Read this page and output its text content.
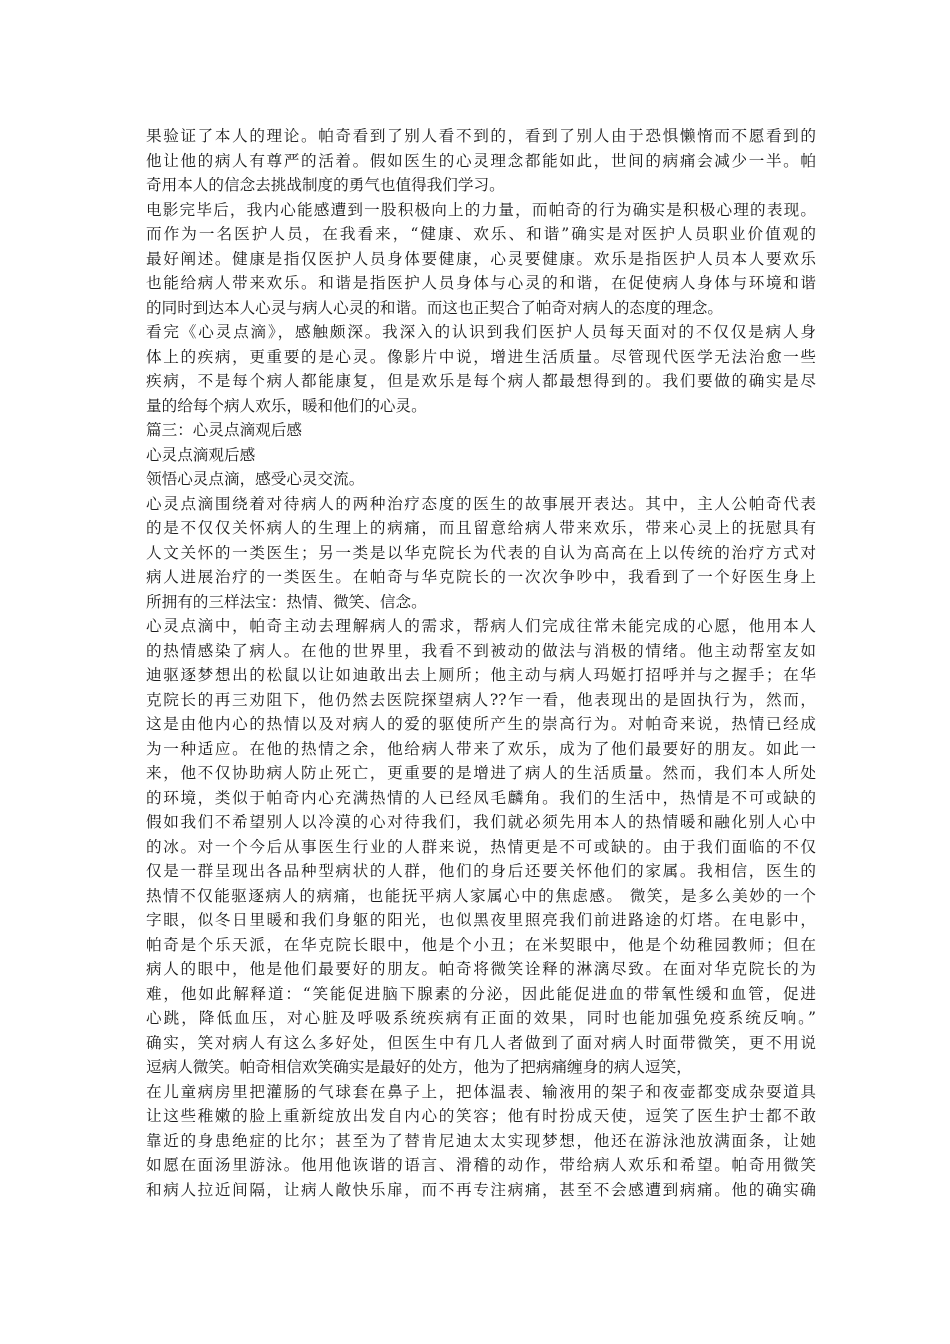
果验证了本人的理论。帕奇看到了别人看不到的，看到了别人由于恐惧懒惰而不愿看到的
他让他的病人有尊严的活着。假如医生的心灵理念都能如此，世间的病痛会减少一半。帕
奇用本人的信念去挑战制度的勇气也值得我们学习。
电影完毕后，我内心能感遭到一股积极向上的力量，而帕奇的行为确实是积极心理的表现。
而作为一名医护人员，在我看来，“健康、欢乐、和谐”确实是对医护人员职业价值观的
最好阐述。健康是指仅医护人员身体要健康，心灵要健康。欢乐是指医护人员本人要欢乐
也能给病人带来欢乐。和谐是指医护人员身体与心灵的和谐，在促使病人身体与环境和谐
的同时到达本人心灵与病人心灵的和谐。而这也正契合了帕奇对病人的态度的理念。
看完《心灵点滴》，感触颇深。我深入的认识到我们医护人员每天面对的不仅仅是病人身
体上的疾病，更重要的是心灵。像影片中说，增进生活质量。尽管现代医学无法治愈一些
疾病，不是每个病人都能康复，但是欢乐是每个病人都最想得到的。我们要做的确实是尽
量的给每个病人欢乐，暖和他们的心灵。
篇三：心灵点滴观后感
心灵点滴观后感
领悟心灵点滴，感受心灵交流。
心灵点滴围绕着对待病人的两种治疗态度的医生的故事展开表达。其中，主人公帕奇代表
的是不仅仅关怀病人的生理上的病痛，而且留意给病人带来欢乐，带来心灵上的抚慰具有
人文关怀的一类医生；另一类是以华克院长为代表的自认为高高在上以传统的治疗方式对
病人进展治疗的一类医生。在帕奇与华克院长的一次次争吵中，我看到了一个好医生身上
所拥有的三样法宝：热情、微笑、信念。
心灵点滴中，帕奇主动去理解病人的需求，帮病人们完成往常未能完成的心愿，他用本人
的热情感染了病人。在他的世界里，我看不到被动的做法与消极的情绪。他主动帮室友如
迪驱逐梦想出的松鼠以让如迪敢出去上厕所；他主动与病人玛姬打招呼并与之握手；在华
克院长的再三劝阻下，他仍然去医院探望病人??乍一看，他表现出的是固执行为，然而，
这是由他内心的热情以及对病人的爱的驱使所产生的崇高行为。对帕奇来说，热情已经成
为一种适应。在他的热情之余，他给病人带来了欢乐，成为了他们最要好的朋友。如此一
来，他不仅协助病人防止死亡，更重要的是增进了病人的生活质量。然而，我们本人所处
的环境，类似于帕奇内心充满热情的人已经凤毛麟角。我们的生活中，热情是不可或缺的
假如我们不希望别人以冷漠的心对待我们，我们就必须先用本人的热情暖和融化别人心中
的冰。对一个今后从事医生行业的人群来说，热情更是不可或缺的。由于我们面临的不仅
仅是一群呈现出各品种型病状的人群，他们的身后还要关怀他们的家属。我相信，医生的
热情不仅能驱逐病人的病痛，也能抚平病人家属心中的焦虑感。 微笑，是多么美妙的一个
字眼，似冬日里暖和我们身躯的阳光，也似黑夜里照亮我们前进路途的灯塔。在电影中，
帕奇是个乐天派，在华克院长眼中，他是个小丑；在米契眼中，他是个幼稚园教师；但在
病人的眼中，他是他们最要好的朋友。帕奇将微笑诠释的淋漓尽致。在面对华克院长的为
难，他如此解释道：“笑能促进脑下腺素的分泌，因此能促进血的带氧性缓和血管，促进
心跳，降低血压，对心脏及呼吸系统疾病有正面的效果，同时也能加强免疫系统反响。”
确实，笑对病人有这么多好处，但医生中有几人者做到了面对病人时面带微笑，更不用说
逗病人微笑。帕奇相信欢笑确实是最好的处方，他为了把病痛缠身的病人逗笑，
在儿童病房里把灌肠的气球套在鼻子上，把体温表、输液用的架子和夜壶都变成杂耍道具
让这些稚嫩的脸上重新绽放出发自内心的笑容；他有时扮成天使，逗笑了医生护士都不敢
靠近的身患绝症的比尔；甚至为了替肯尼迪太太实现梦想，他还在游泳池放满面条，让她
如愿在面汤里游泳。他用他诙谐的语言、滑稽的动作，带给病人欢乐和希望。帕奇用微笑
和病人拉近间隔，让病人敞快乐扉，而不再专注病痛，甚至不会感遭到病痛。他的确实确
